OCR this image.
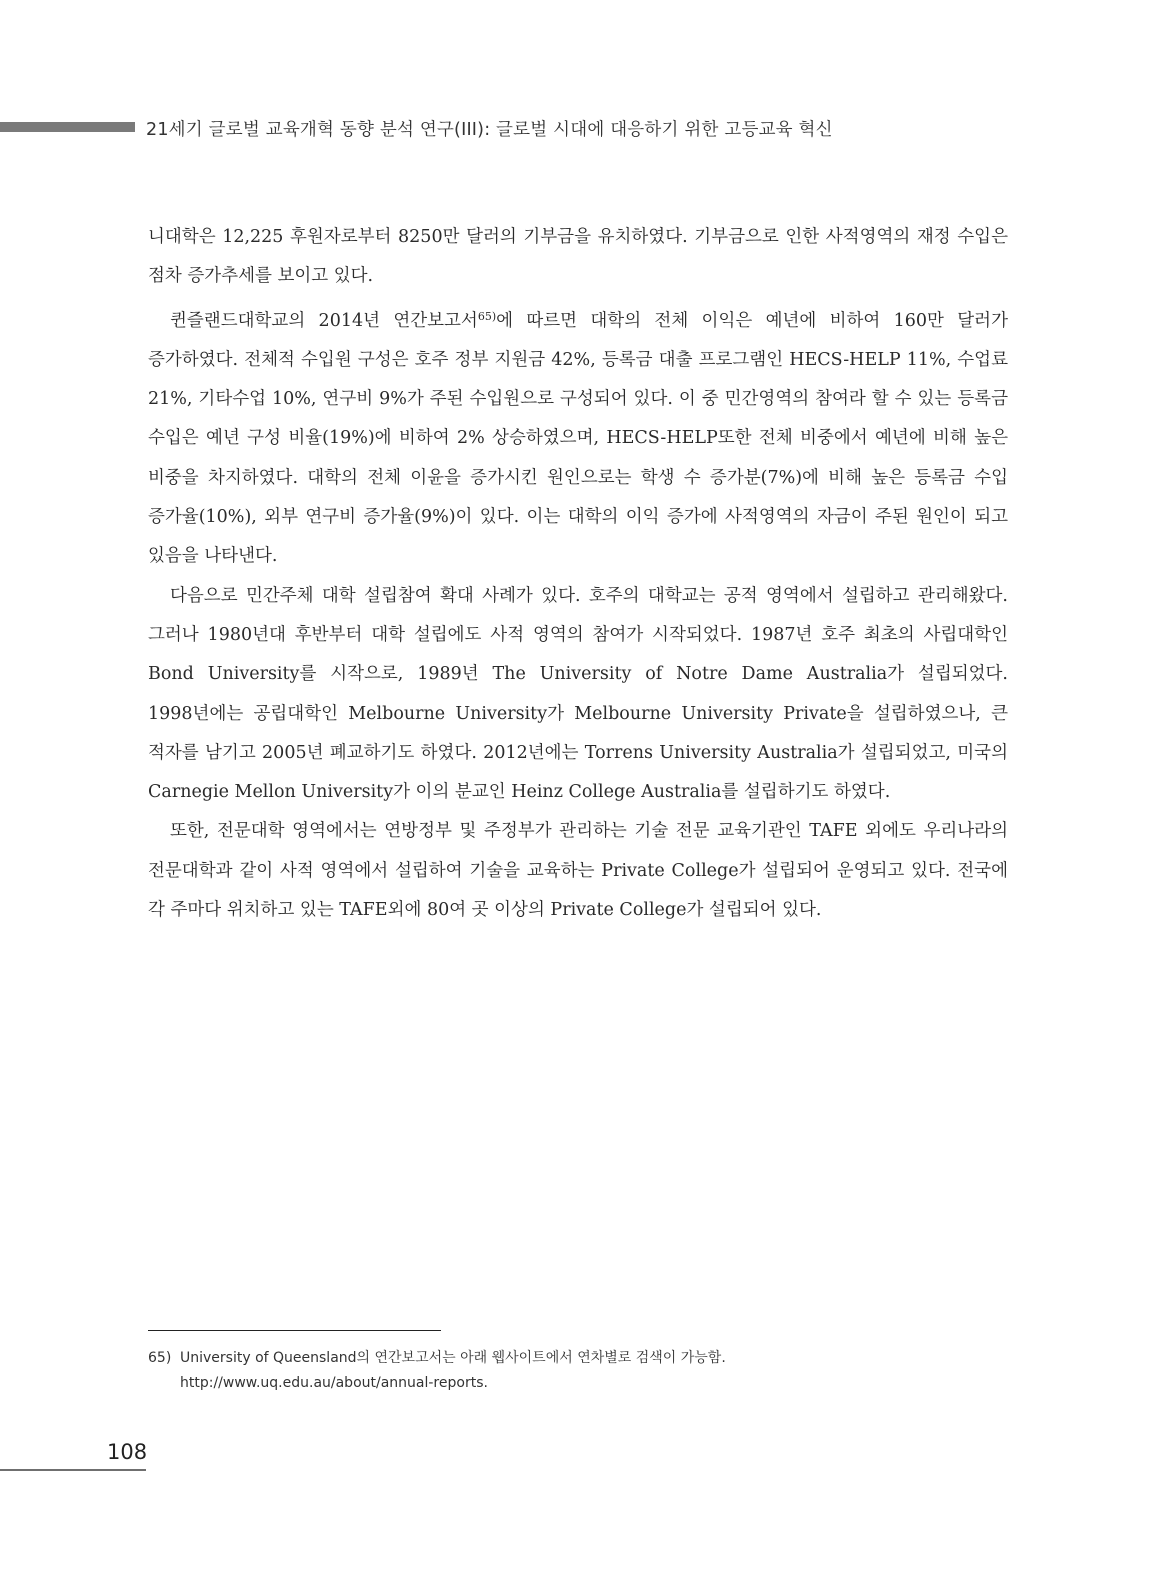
21세기 글로벌 교육개혁 동향 분석 연구(III): 글로벌 시대에 대응하기 위한 고등교육 혁신

니대학은 12,225 후원자로부터 8250만 달러의 기부금을 유치하였다. 기부금으로 인한 사적영역의 재정 수입은 점차 증가추세를 보이고 있다.

퀸즐랜드대학교의 2014년 연간보고서$^{65)}$에 따르면 대학의 전체 이익은 예년에 비하여 160만 달러가 증가하였다. 전체적 수입원 구성은 호주 정부 지원금 42%, 등록금 대출 프로그램인 HECS-HELP 11%, 수업료 21%, 기타수업 10%, 연구비 9%가 주된 수입원으로 구성되어 있다. 이 중 민간영역의 참여라 할 수 있는 등록금 수입은 예년 구성 비율(19%)에 비하여 2% 상승하였으며, HECS-HELP또한 전체 비중에서 예년에 비해 높은 비중을 차지하였다. 대학의 전체 이윤을 증가시킨 원인으로는 학생 수 증가분(7%)에 비해 높은 등록금 수입 증가율(10%), 외부 연구비 증가율(9%)이 있다. 이는 대학의 이익 증가에 사적영역의 자금이 주된 원인이 되고 있음을 나타낸다.

다음으로 민간주체 대학 설립참여 확대 사례가 있다. 호주의 대학교는 공적 영역에서 설립하고 관리해왔다. 그러나 1980년대 후반부터 대학 설립에도 사적 영역의 참여가 시작되었다. 1987년 호주 최초의 사립대학인 Bond University를 시작으로, 1989년 The University of Notre Dame Australia가 설립되었다. 1998년에는 공립대학인 Melbourne University가 Melbourne University Private을 설립하였으나, 큰 적자를 남기고 2005년 폐교하기도 하였다. 2012년에는 Torrens University Australia가 설립되었고, 미국의 Carnegie Mellon University가 이의 분교인 Heinz College Australia를 설립하기도 하였다.

또한, 전문대학 영역에서는 연방정부 및 주정부가 관리하는 기술 전문 교육기관인 TAFE 외에도 우리나라의 전문대학과 같이 사적 영역에서 설립하여 기술을 교육하는 Private College가 설립되어 운영되고 있다. 전국에 각 주마다 위치하고 있는 TAFE외에 80여 곳 이상의 Private College가 설립되어 있다.

65) University of Queensland의 연간보고서는 아래 웹사이트에서 연차별로 검색이 가능함.
http://www.uq.edu.au/about/annual-reports.
108
